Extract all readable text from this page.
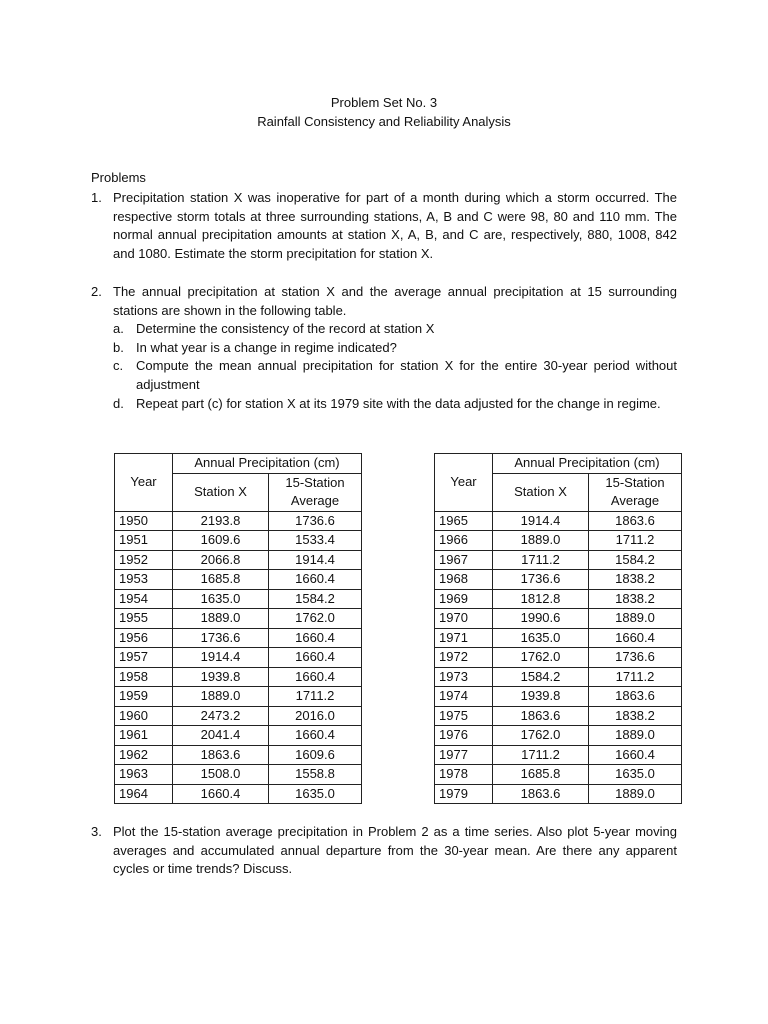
Problem Set No. 3
Rainfall Consistency and Reliability Analysis
Problems
1. Precipitation station X was inoperative for part of a month during which a storm occurred. The respective storm totals at three surrounding stations, A, B and C were 98, 80 and 110 mm. The normal annual precipitation amounts at station X, A, B, and C are, respectively, 880, 1008, 842 and 1080. Estimate the storm precipitation for station X.
2. The annual precipitation at station X and the average annual precipitation at 15 surrounding stations are shown in the following table.
a. Determine the consistency of the record at station X
b. In what year is a change in regime indicated?
c. Compute the mean annual precipitation for station X for the entire 30-year period without adjustment
d. Repeat part (c) for station X at its 1979 site with the data adjusted for the change in regime.
Year	Annual Precipitation (cm)	
	Station X	15-Station
Average
1950	2193.8	1736.6
1951	1609.6	1533.4
1952	2066.8	1914.4
1953	1685.8	1660.4
1954	1635.0	1584.2
1955	1889.0	1762.0
1956	1736.6	1660.4
1957	1914.4	1660.4
1958	1939.8	1660.4
1959	1889.0	1711.2
1960	2473.2	2016.0
1961	2041.4	1660.4
1962	1863.6	1609.6
1963	1508.0	1558.8
1964	1660.4	1635.0
Year	Annual Precipitation (cm)	
	Station X	15-Station
Average
1965	1914.4	1863.6
1966	1889.0	1711.2
1967	1711.2	1584.2
1968	1736.6	1838.2
1969	1812.8	1838.2
1970	1990.6	1889.0
1971	1635.0	1660.4
1972	1762.0	1736.6
1973	1584.2	1711.2
1974	1939.8	1863.6
1975	1863.6	1838.2
1976	1762.0	1889.0
1977	1711.2	1660.4
1978	1685.8	1635.0
1979	1863.6	1889.0
3. Plot the 15-station average precipitation in Problem 2 as a time series. Also plot 5-year moving averages and accumulated annual departure from the 30-year mean. Are there any apparent cycles or time trends? Discuss.
